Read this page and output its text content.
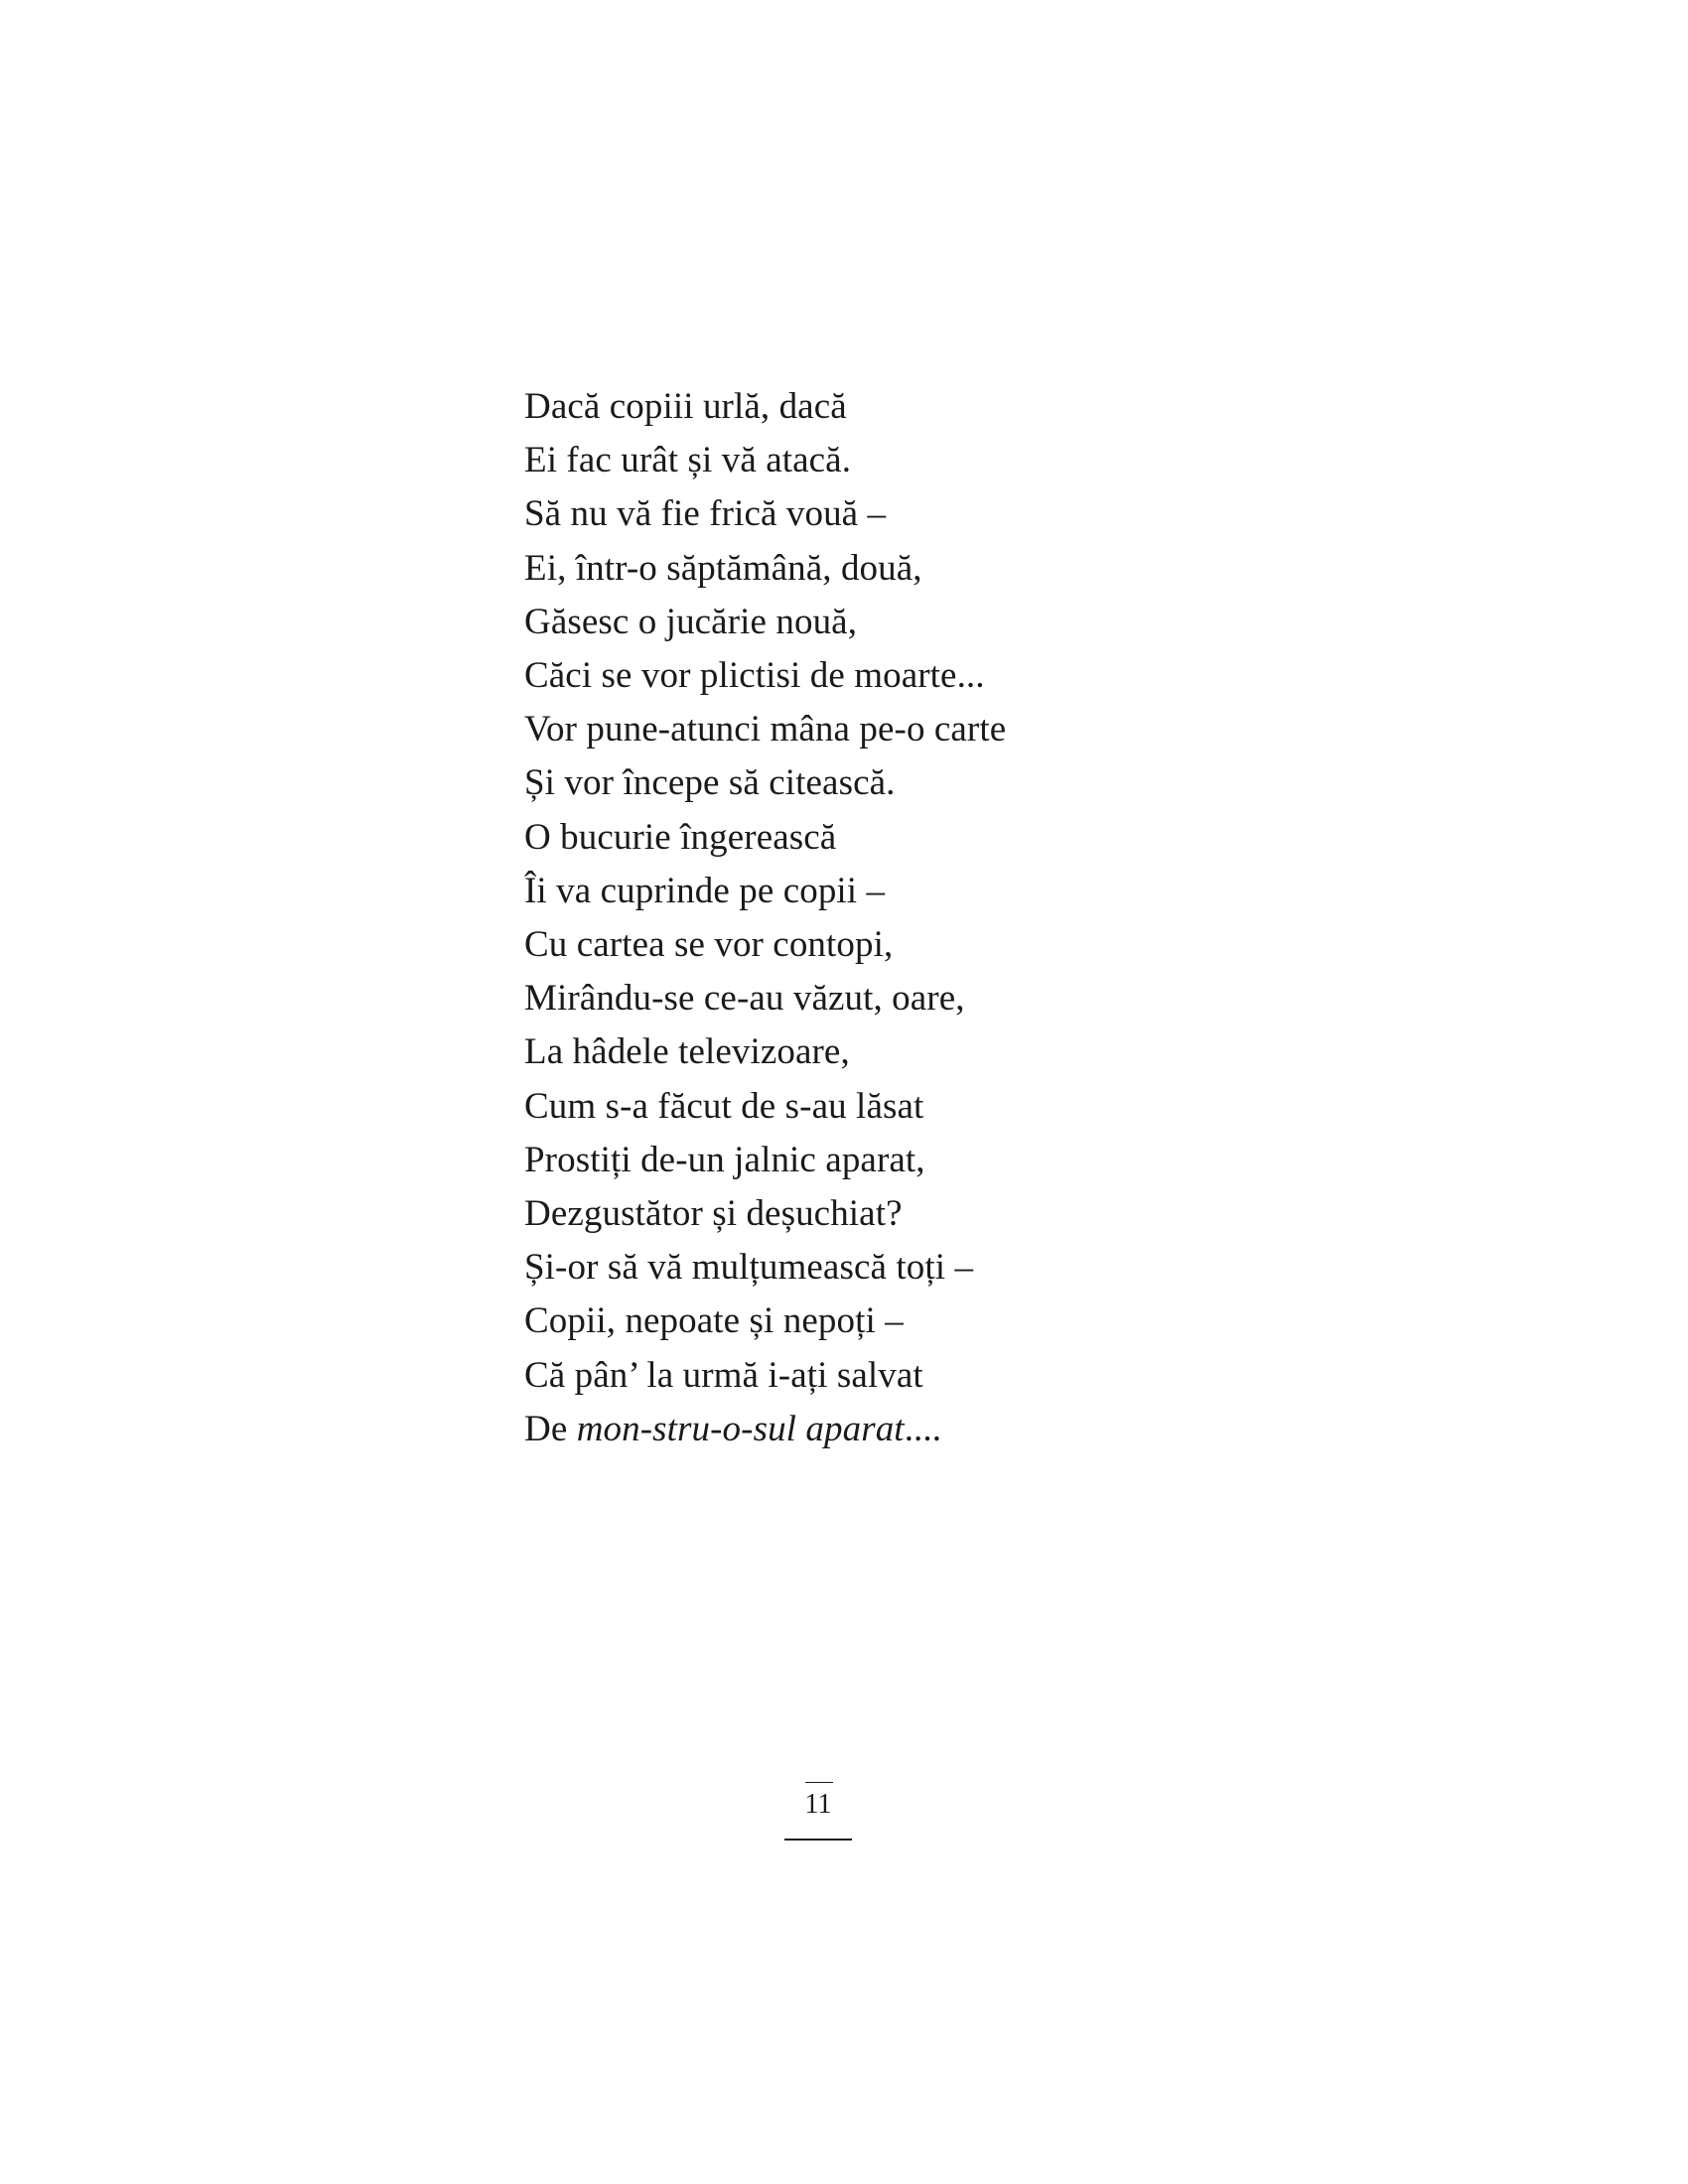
Dacă copiii urlă, dacă
Ei fac urât și vă atacă.
Să nu vă fie frică vouă –
Ei, într-o săptămână, două,
Găsesc o jucărie nouă,
Căci se vor plictisi de moarte...
Vor pune-atunci mâna pe-o carte
Și vor începe să citească.
O bucurie îngerească
Îi va cuprinde pe copii –
Cu cartea se vor contopi,
Mirându-se ce-au văzut, oare,
La hâdele televizoare,
Cum s-a făcut de s-au lăsat
Prostiți de-un jalnic aparat,
Dezgustător și deșuchiat?
Și-or să vă mulțumească toți –
Copii, nepoate și nepoți –
Că pân’ la urmă i-ați salvat
De mon-stru-o-sul aparat....
11
